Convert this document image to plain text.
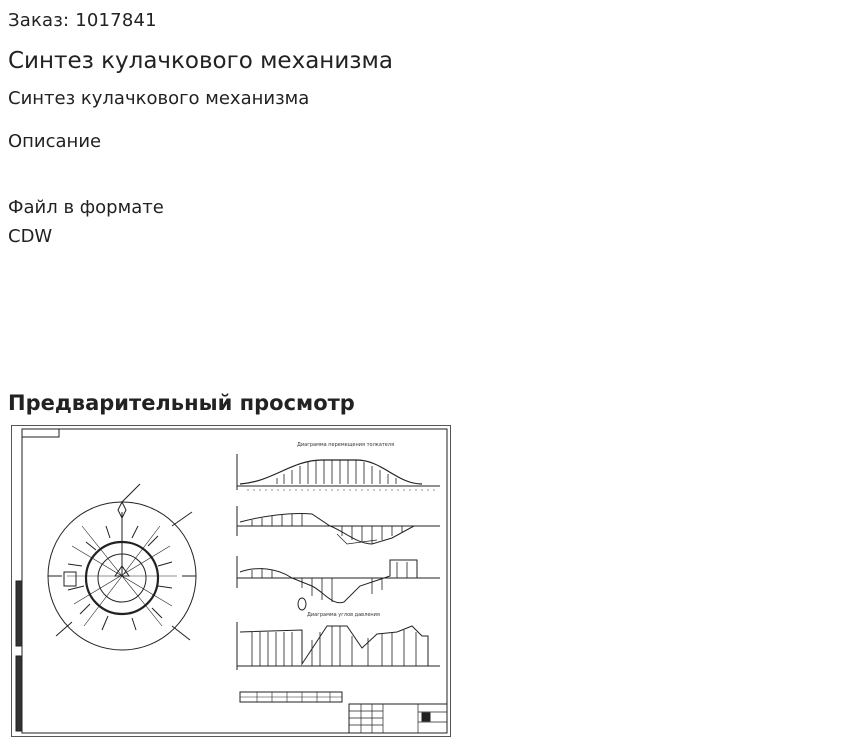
Заказ: 1017841
Синтез кулачкового механизма
Синтез кулачкового механизма
Описание
Файл в формате CDW
Предварительный просмотр
Диаграмма перемещения толкателя
Диаграмма углов давления
